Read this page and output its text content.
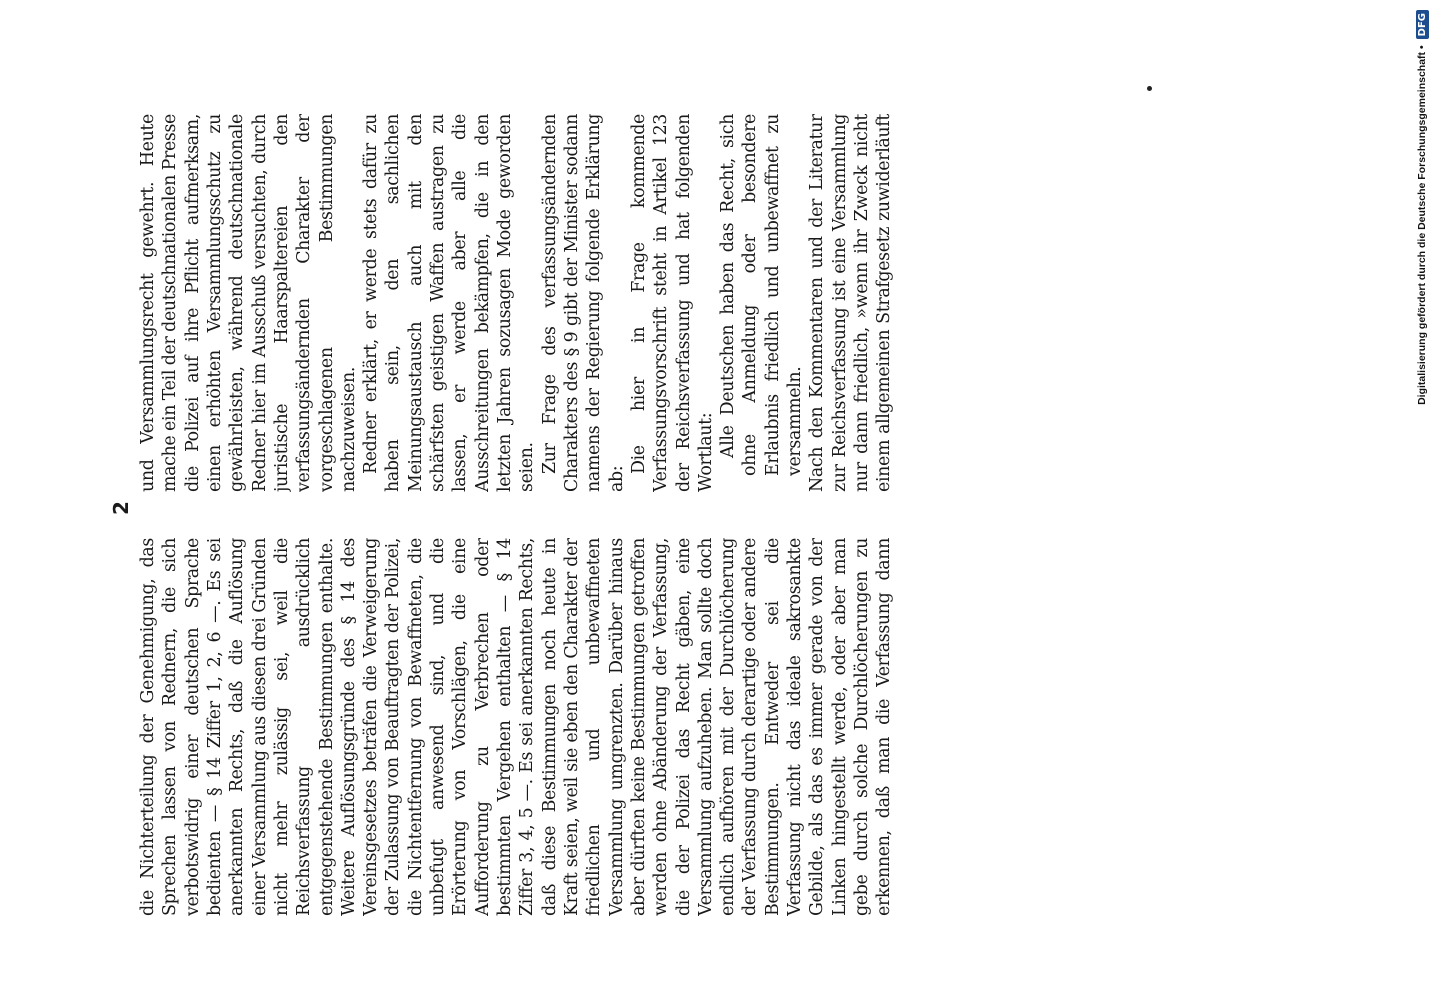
2

die Nichterteilung der Genehmigung, das Sprechen lassen von Rednern, die sich verbotswidrig einer deutschen Sprache bedienten — § 14 Ziffer 1, 2, 6 —. Es sei anerkannten Rechts, daß die Auflösung einer Versammlung aus diesen drei Gründen nicht mehr zulässig sei, weil die Reichsverfassung ausdrücklich entgegenstehende Bestimmungen enthalte. Weitere Auflösungsgründe des § 14 des Vereinsgesetzes beträfen die Verweigerung der Zulassung von Beauftragten der Polizei, die Nichtentfernung von Bewaffneten, die unbefugt anwesend sind, und die Erörterung von Vorschlägen, die eine Aufforderung zu Verbrechen oder bestimmten Vergehen enthalten — § 14 Ziffer 3, 4, 5 —. Es sei anerkannten Rechts, daß diese Bestimmungen noch heute in Kraft seien, weil sie eben den Charakter der friedlichen und unbewaffneten Versammlung umgrenzten. Darüber hinaus aber dürften keine Bestimmungen getroffen werden ohne Abänderung der Verfassung, die der Polizei das Recht gäben, eine Versammlung aufzuheben. Man sollte doch endlich aufhören mit der Durchlöcherung der Verfassung durch derartige oder andere Bestimmungen. Entweder sei die Verfassung nicht das ideale sakrosankte Gebilde, als das es immer gerade von der Linken hingestellt werde, oder aber man gebe durch solche Durchlöcherungen zu erkennen, daß man die Verfassung dann

und Versammlungsrecht gewehrt. Heute mache ein Teil der deutschnationalen Presse die Polizei auf ihre Pflicht aufmerksam, einen erhöhten Versammlungsschutz zu gewährleisten, während deutschnationale Redner hier im Ausschuß versuchten, durch juristische Haarspaltereien den verfassungsändernden Charakter der vorgeschlagenen Bestimmungen nachzuweisen. Redner erklärt, er werde stets dafür zu haben sein, den sachlichen Meinungsaustausch auch mit den schärfsten geistigen Waffen austragen zu lassen, er werde aber alle die Ausschreitungen bekämpfen, die in den letzten Jahren sozusagen Mode geworden seien. Zur Frage des verfassungsändernden Charakters des § 9 gibt der Minister sodann namens der Regierung folgende Erklärung ab:

Die hier in Frage kommende Verfassungsvorschrift steht in Artikel 123 der Reichsverfassung und hat folgenden Wortlaut: Alle Deutschen haben das Recht, sich ohne Anmeldung oder besondere Erlaubnis friedlich und unbewaffnet zu versammeln. Nach den Kommentaren und der Literatur zur Reichsverfassung ist eine Versammlung nur dann friedlich, »wenn ihr Zweck nicht einem allgemeinen Strafgesetz zuwiderläuft	Digitalisierung gefördert durch die Deutsche Forschungsgemeinschaft •
DFG
